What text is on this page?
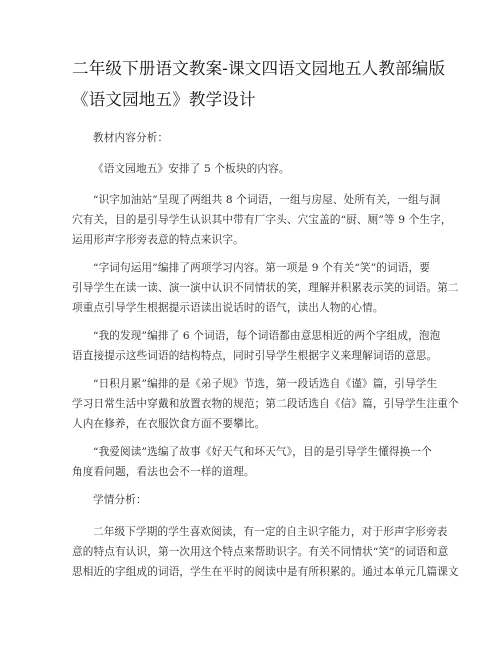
二年级下册语文教案-课文四语文园地五人教部编版
《语文园地五》教学设计
教材内容分析：
《语文园地五》安排了 5 个板块的内容。
“识字加油站”呈现了两组共 8 个词语，一组与房屋、处所有关，一组与洞
穴有关，目的是引导学生认识其中带有厂字头、穴宝盖的“厨、厕”等 9 个生字，
运用形声字形旁表意的特点来识字。
“字词句运用”编排了两项学习内容。第一项是 9 个有关“笑”的词语，要
引导学生在读一读、演一演中认识不同情状的笑，理解并积累表示笑的词语。第二
项重点引导学生根据提示语读出说话时的语气，读出人物的心情。
“我的发现”编排了 6 个词语，每个词语都由意思相近的两个字组成，泡泡
语直接提示这些词语的结构特点，同时引导学生根据字义来理解词语的意思。
“日积月累”编排的是《弟子规》节选，第一段话选自《谨》篇，引导学生
学习日常生活中穿戴和放置衣物的规范；第二段话选自《信》篇，引导学生注重个
人内在修养，在衣服饮食方面不要攀比。
“我爱阅读”选编了故事《好天气和坏天气》，目的是引导学生懂得换一个
角度看问题，看法也会不一样的道理。
学情分析：
二年级下学期的学生喜欢阅读，有一定的自主识字能力，对于形声字形旁表
意的特点有认识，第一次用这个特点来帮助识字。有关不同情状“笑”的词语和意
思相近的字组成的词语，学生在平时的阅读中是有所积累的。通过本单元几篇课文
